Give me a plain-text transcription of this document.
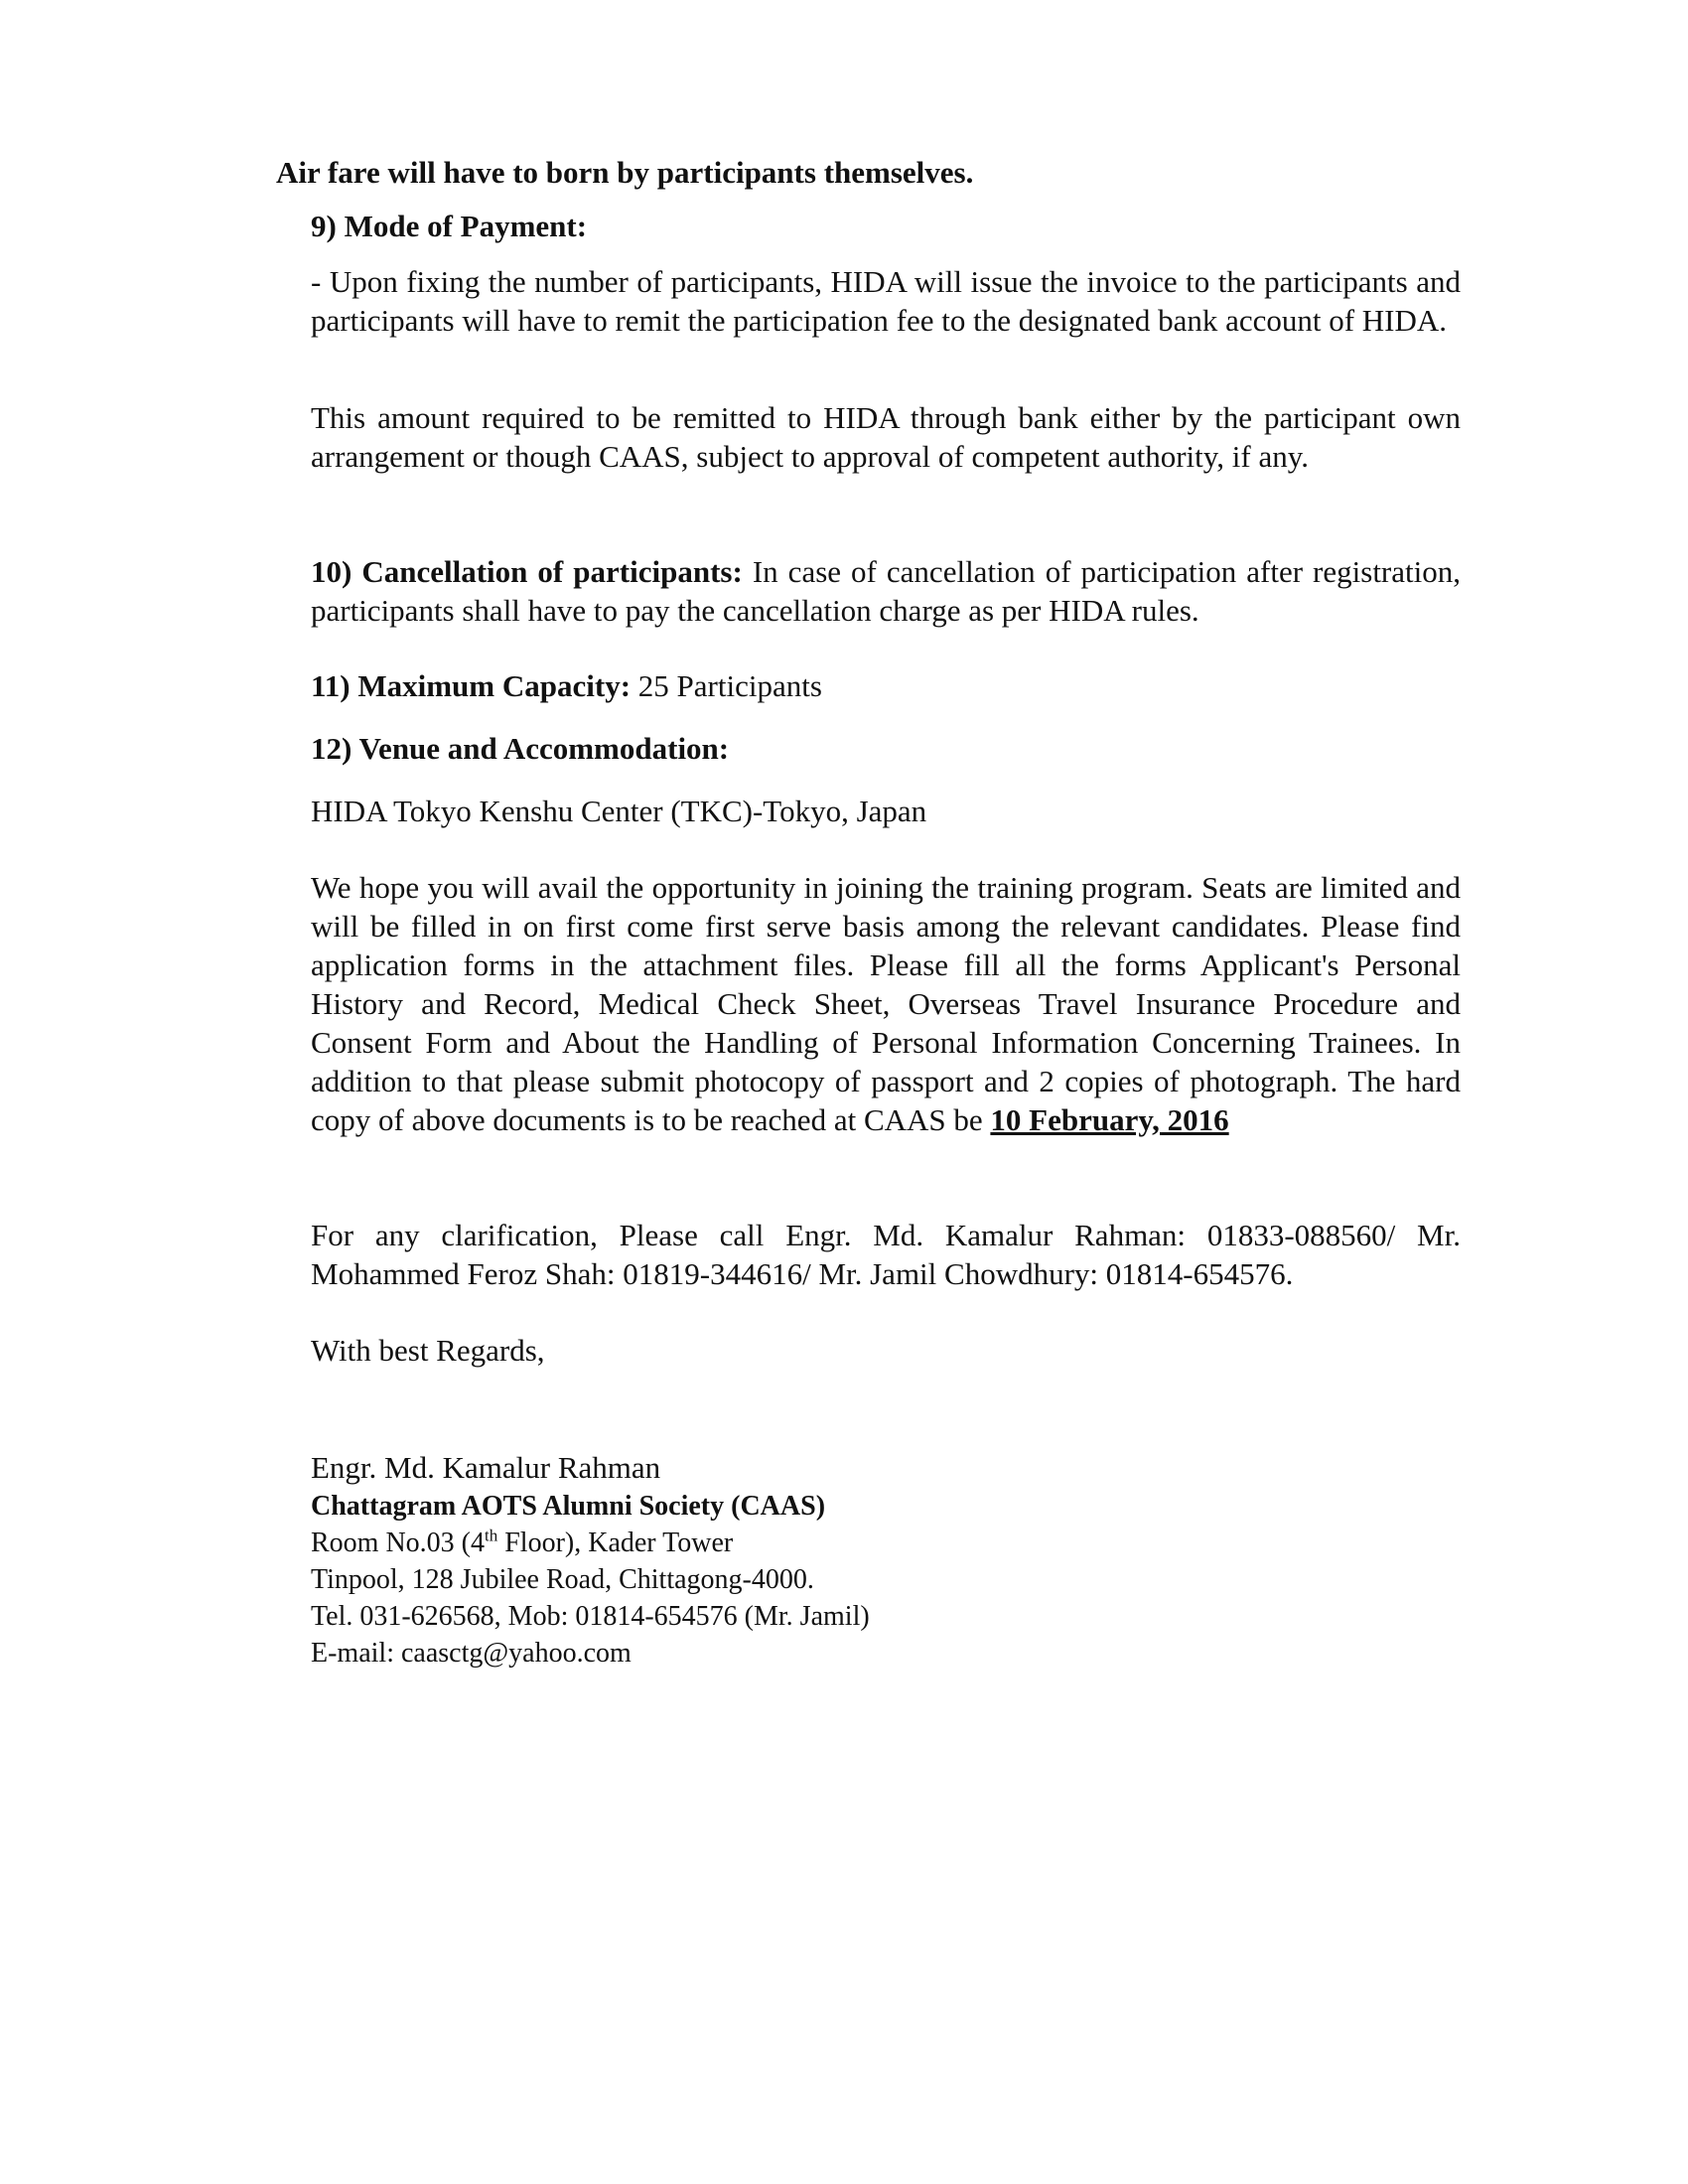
Air fare will have to born by participants themselves.

9) Mode of Payment:

- Upon fixing the number of participants, HIDA will issue the invoice to the participants and participants will have to remit the participation fee to the designated bank account of HIDA.

This amount required to be remitted to HIDA through bank either by the participant own arrangement or though CAAS, subject to approval of competent authority, if any.

10) Cancellation of participants: In case of cancellation of participation after registration, participants shall have to pay the cancellation charge as per HIDA rules.

11) Maximum Capacity: 25 Participants

12) Venue and Accommodation:

HIDA Tokyo Kenshu Center (TKC)-Tokyo, Japan

We hope you will avail the opportunity in joining the training program. Seats are limited and will be filled in on first come first serve basis among the relevant candidates. Please find application forms in the attachment files. Please fill all the forms Applicant's Personal History and Record, Medical Check Sheet, Overseas Travel Insurance Procedure and Consent Form and About the Handling of Personal Information Concerning Trainees. In addition to that please submit photocopy of passport and 2 copies of photograph. The hard copy of above documents is to be reached at CAAS be 10 February, 2016

For any clarification, Please call Engr. Md. Kamalur Rahman: 01833-088560/ Mr. Mohammed Feroz Shah: 01819-344616/ Mr. Jamil Chowdhury: 01814-654576.

With best Regards,

Engr. Md. Kamalur Rahman
Chattagram AOTS Alumni Society (CAAS)
Room No.03 (4th Floor), Kader Tower
Tinpool, 128 Jubilee Road, Chittagong-4000.
Tel. 031-626568, Mob: 01814-654576 (Mr. Jamil)
E-mail: caasctg@yahoo.com
